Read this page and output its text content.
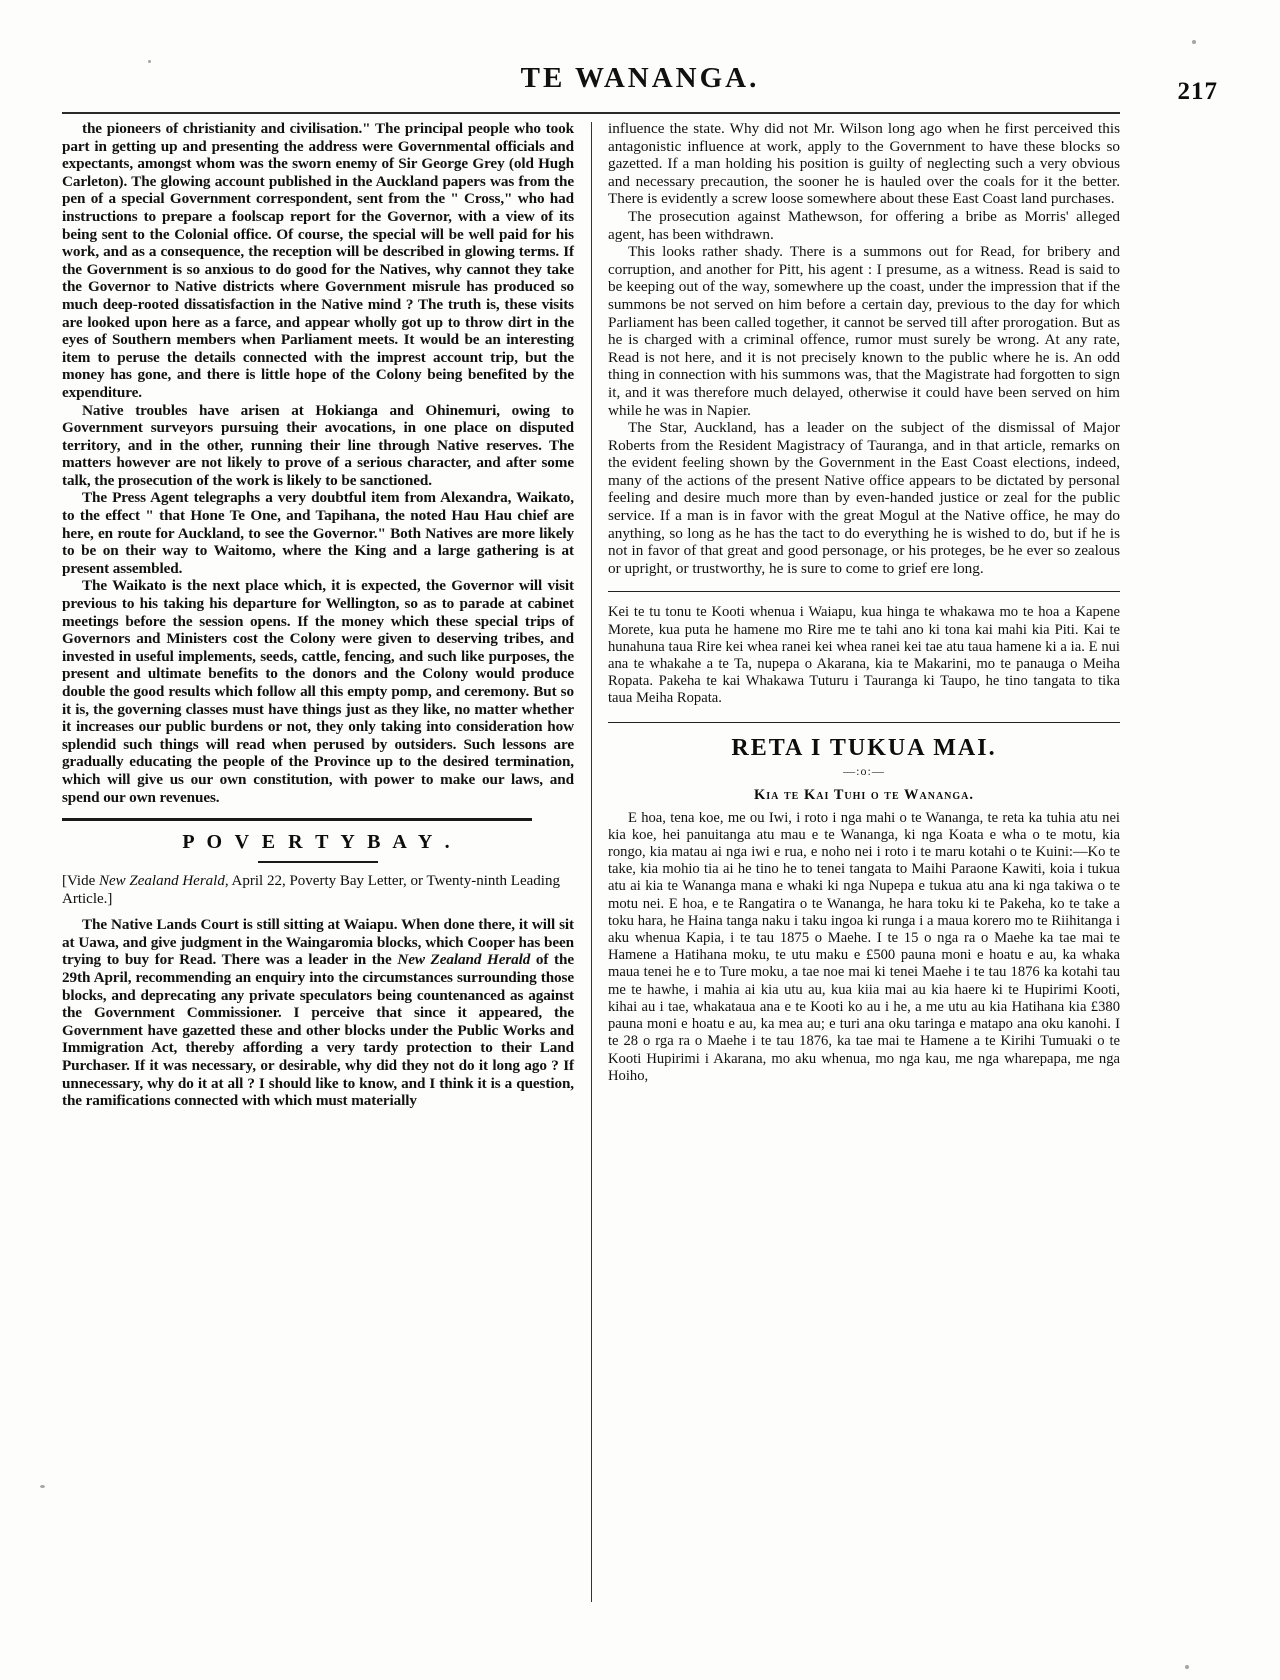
TE WANANGA.	217

the pioneers of christianity and civilisation." The principal people who took part in getting up and presenting the address were Governmental officials and expectants, amongst whom was the sworn enemy of Sir George Grey (old Hugh Carleton). The glowing account published in the Auckland papers was from the pen of a special Government correspondent, sent from the " Cross," who had instructions to prepare a foolscap report for the Governor, with a view of its being sent to the Colonial office. Of course, the special will be well paid for his work, and as a consequence, the reception will be described in glowing terms. If the Government is so anxious to do good for the Natives, why cannot they take the Governor to Native districts where Government misrule has produced so much deep-rooted dissatisfaction in the Native mind ? The truth is, these visits are looked upon here as a farce, and appear wholly got up to throw dirt in the eyes of Southern members when Parliament meets. It would be an interesting item to peruse the details connected with the imprest account trip, but the money has gone, and there is little hope of the Colony being benefited by the expenditure.

Native troubles have arisen at Hokianga and Ohinemuri, owing to Government surveyors pursuing their avocations, in one place on disputed territory, and in the other, running their line through Native reserves. The matters however are not likely to prove of a serious character, and after some talk, the prosecution of the work is likely to be sanctioned.

The Press Agent telegraphs a very doubtful item from Alexandra, Waikato, to the effect " that Hone Te One, and Tapihana, the noted Hau Hau chief are here, en route for Auckland, to see the Governor." Both Natives are more likely to be on their way to Waitomo, where the King and a large gathering is at present assembled.

The Waikato is the next place which, it is expected, the Governor will visit previous to his taking his departure for Wellington, so as to parade at cabinet meetings before the session opens. If the money which these special trips of Governors and Ministers cost the Colony were given to deserving tribes, and invested in useful implements, seeds, cattle, fencing, and such like purposes, the present and ultimate benefits to the donors and the Colony would produce double the good results which follow all this empty pomp, and ceremony. But so it is, the governing classes must have things just as they like, no matter whether it increases our public burdens or not, they only taking into consideration how splendid such things will read when perused by outsiders. Such lessons are gradually educating the people of the Province up to the desired termination, which will give us our own constitution, with power to make our laws, and spend our own revenues.

P O V E R T Y B A Y .

[Vide New Zealand Herald, April 22, Poverty Bay Letter, or Twenty-ninth Leading Article.]

The Native Lands Court is still sitting at Waiapu. When done there, it will sit at Uawa, and give judgment in the Waingaromia blocks, which Cooper has been trying to buy for Read. There was a leader in the New Zealand Herald of the 29th April, recommending an enquiry into the circumstances surrounding those blocks, and deprecating any private speculators being countenanced as against the Government Commissioner. I perceive that since it appeared, the Government have gazetted these and other blocks under the Public Works and Immigration Act, thereby affording a very tardy protection to their Land Purchaser. If it was necessary, or desirable, why did they not do it long ago ? If unnecessary, why do it at all ? I should like to know, and I think it is a question, the ramifications connected with which must materially

influence the state. Why did not Mr. Wilson long ago when he first perceived this antagonistic influence at work, apply to the Government to have these blocks so gazetted. If a man holding his position is guilty of neglecting such a very obvious and necessary precaution, the sooner he is hauled over the coals for it the better. There is evidently a screw loose somewhere about these East Coast land purchases.

The prosecution against Mathewson, for offering a bribe as Morris' alleged agent, has been withdrawn.

This looks rather shady. There is a summons out for Read, for bribery and corruption, and another for Pitt, his agent : I presume, as a witness. Read is said to be keeping out of the way, somewhere up the coast, under the impression that if the summons be not served on him before a certain day, previous to the day for which Parliament has been called together, it cannot be served till after prorogation. But as he is charged with a criminal offence, rumor must surely be wrong. At any rate, Read is not here, and it is not precisely known to the public where he is. An odd thing in connection with his summons was, that the Magistrate had forgotten to sign it, and it was therefore much delayed, otherwise it could have been served on him while he was in Napier.

The Star, Auckland, has a leader on the subject of the dismissal of Major Roberts from the Resident Magistracy of Tauranga, and in that article, remarks on the evident feeling shown by the Government in the East Coast elections, indeed, many of the actions of the present Native office appears to be dictated by personal feeling and desire much more than by even-handed justice or zeal for the public service. If a man is in favor with the great Mogul at the Native office, he may do anything, so long as he has the tact to do everything he is wished to do, but if he is not in favor of that great and good personage, or his proteges, be he ever so zealous or upright, or trustworthy, he is sure to come to grief ere long.

Kei te tu tonu te Kooti whenua i Waiapu, kua hinga te whakawa mo te hoa a Kapene Morete, kua puta he hamene mo Rire me te tahi ano ki tona kai mahi kia Piti. Kai te hunahuna taua Rire kei whea ranei kei whea ranei kei tae atu taua hamene ki a ia. E nui ana te whakahe a te Ta, nupepa o Akarana, kia te Makarini, mo te panauga o Meiha Ropata. Pakeha te kai Whakawa Tuturu i Tauranga ki Taupo, he tino tangata to tika taua Meiha Ropata.

RETA I TUKUA MAI.
—:o:—
Kia te Kai Tuhi o te Wananga.

E hoa, tena koe, me ou Iwi, i roto i nga mahi o te Wananga, te reta ka tuhia atu nei kia koe, hei panuitanga atu mau e te Wananga, ki nga Koata e wha o te motu, kia rongo, kia matau ai nga iwi e rua, e noho nei i roto i te maru kotahi o te Kuini:—Ko te take, kia mohio tia ai he tino he to tenei tangata to Maihi Paraone Kawiti, koia i tukua atu ai kia te Wananga mana e whaki ki nga Nupepa e tukua atu ana ki nga takiwa o te motu nei. E hoa, e te Rangatira o te Wananga, he hara toku ki te Pakeha, ko te take a toku hara, he Haina tanga naku i taku ingoa ki runga i a maua korero mo te Riihitanga i aku whenua Kapia, i te tau 1875 o Maehe. I te 15 o nga ra o Maehe ka tae mai te Hamene a Hatihana moku, te utu maku e £500 pauna moni e hoatu e au, ka whaka maua tenei he e to Ture moku, a tae noe mai ki tenei Maehe i te tau 1876 ka kotahi tau me te hawhe, i mahia ai kia utu au, kua kiia mai au kia haere ki te Hupirimi Kooti, kihai au i tae, whakataua ana e te Kooti ko au i he, a me utu au kia Hatihana kia £380 pauna moni e hoatu e au, ka mea au; e turi ana oku taringa e matapo ana oku kanohi. I te 28 o rga ra o Maehe i te tau 1876, ka tae mai te Hamene a te Kirihi Tumuaki o te Kooti Hupirimi i Akarana, mo aku whenua, mo nga kau, me nga wharepapa, me nga Hoiho,
